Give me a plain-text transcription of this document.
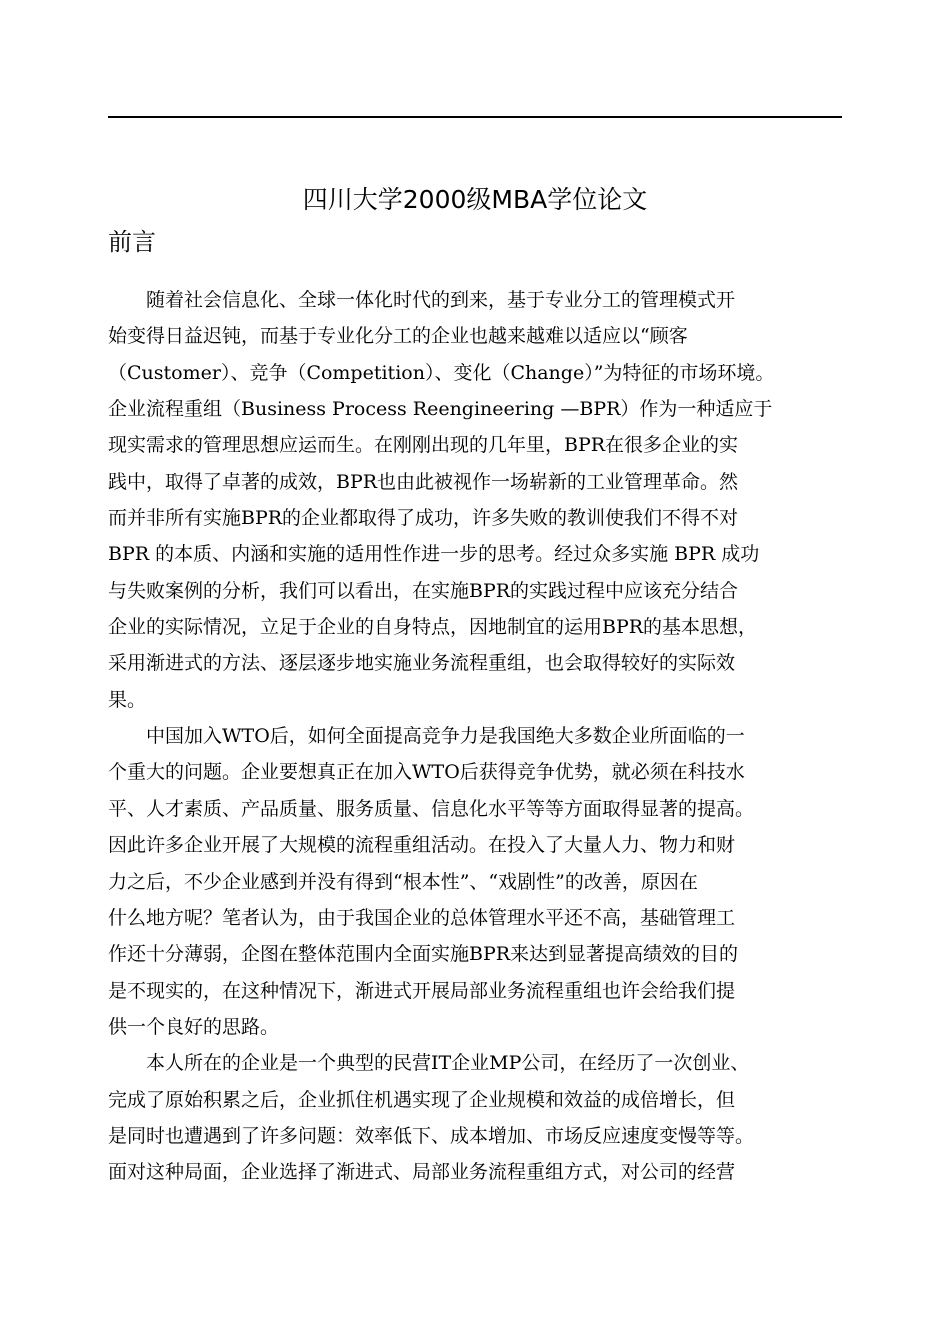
四川大学2000级MBA学位论文
前言
　　随着社会信息化、全球一体化时代的到来，基于专业分工的管理模式开
始变得日益迟钝，而基于专业化分工的企业也越来越难以适应以“顾客
（Customer）、竞争（Competition）、变化（Change）”为特征的市场环境。
企业流程重组（Business Process Reengineering —BPR）作为一种适应于
现实需求的管理思想应运而生。在刚刚出现的几年里，BPR在很多企业的实
践中，取得了卓著的成效，BPR也由此被视作一场崭新的工业管理革命。然
而并非所有实施BPR的企业都取得了成功，许多失败的教训使我们不得不对
BPR 的本质、内涵和实施的适用性作进一步的思考。经过众多实施 BPR 成功
与失败案例的分析，我们可以看出，在实施BPR的实践过程中应该充分结合
企业的实际情况，立足于企业的自身特点，因地制宜的运用BPR的基本思想，
采用渐进式的方法、逐层逐步地实施业务流程重组，也会取得较好的实际效
果。
　　中国加入WTO后，如何全面提高竞争力是我国绝大多数企业所面临的一
个重大的问题。企业要想真正在加入WTO后获得竞争优势，就必须在科技水
平、人才素质、产品质量、服务质量、信息化水平等等方面取得显著的提高。
因此许多企业开展了大规模的流程重组活动。在投入了大量人力、物力和财
力之后，不少企业感到并没有得到“根本性”、“戏剧性”的改善，原因在
什么地方呢？笔者认为，由于我国企业的总体管理水平还不高，基础管理工
作还十分薄弱，企图在整体范围内全面实施BPR来达到显著提高绩效的目的
是不现实的，在这种情况下，渐进式开展局部业务流程重组也许会给我们提
供一个良好的思路。
　　本人所在的企业是一个典型的民营IT企业MP公司，在经历了一次创业、
完成了原始积累之后，企业抓住机遇实现了企业规模和效益的成倍增长，但
是同时也遭遇到了许多问题：效率低下、成本增加、市场反应速度变慢等等。
面对这种局面，企业选择了渐进式、局部业务流程重组方式，对公司的经营
